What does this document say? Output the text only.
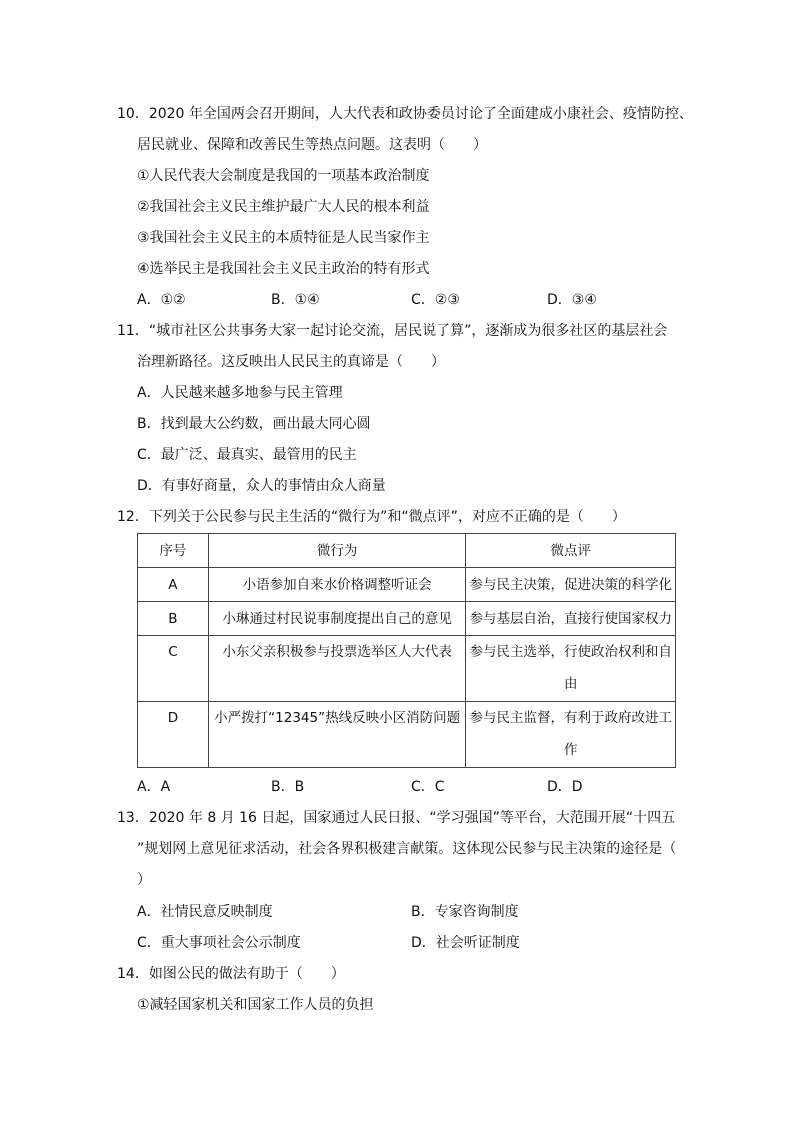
10．2020 年全国两会召开期间，人大代表和政协委员讨论了全面建成小康社会、疫情防控、
居民就业、保障和改善民生等热点问题。这表明（　　）
①人民代表大会制度是我国的一项基本政治制度
②我国社会主义民主维护最广大人民的根本利益
③我国社会主义民主的本质特征是人民当家作主
④选举民主是我国社会主义民主政治的特有形式
A．①②	B．①④	C．②③	D．③④
11．“城市社区公共事务大家一起讨论交流，居民说了算”，逐渐成为很多社区的基层社会
治理新路径。这反映出人民民主的真谛是（　　）
A．人民越来越多地参与民主管理
B．找到最大公约数，画出最大同心圆
C．最广泛、最真实、最管用的民主
D．有事好商量，众人的事情由众人商量
12．下列关于公民参与民主生活的“微行为”和“微点评”，对应不正确的是（　　）
序号	微行为	微点评
A	小语参加自来水价格调整听证会	参与民主决策，促进决策的科学化
B	小琳通过村民说事制度提出自己的意见	参与基层自治，直接行使国家权力
C	小东父亲积极参与投票选举区人大代表	参与民主选举，行使政治权利和自由
D	小严拨打“12345”热线反映小区消防问题	参与民主监督，有利于政府改进工作
A．A	B．B	C．C	D．D
13．2020 年 8 月 16 日起，国家通过人民日报、“学习强国”等平台，大范围开展“十四五
”规划网上意见征求活动，社会各界积极建言献策。这体现公民参与民主决策的途径是（
）
A．社情民意反映制度	B．专家咨询制度
C．重大事项社会公示制度	D．社会听证制度
14．如图公民的做法有助于（　　）
①减轻国家机关和国家工作人员的负担
